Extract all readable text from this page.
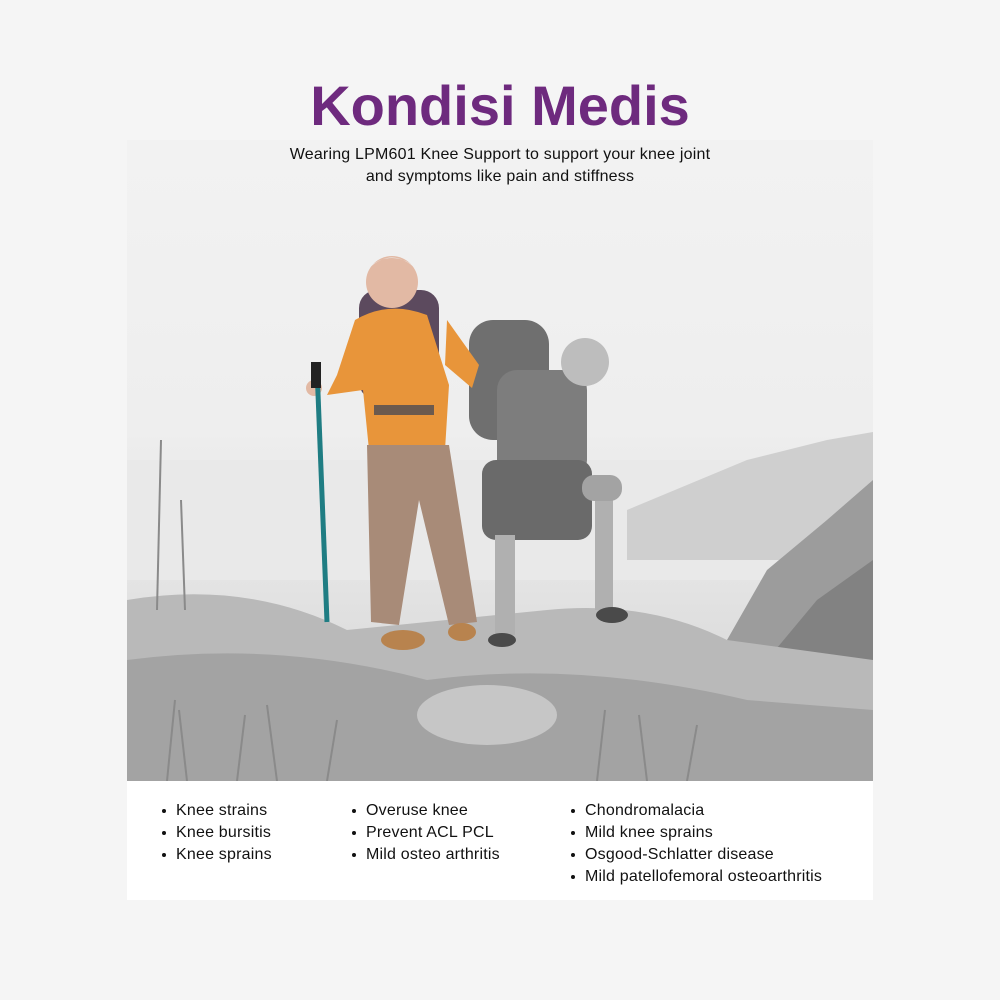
Kondisi Medis
Wearing LPM601 Knee Support to support your knee joint
and symptoms like pain and stiffness
Knee strains
Knee bursitis
Knee sprains
Overuse knee
Prevent ACL PCL
Mild osteo arthritis
Chondromalacia
Mild knee sprains
Osgood-Schlatter disease
Mild patellofemoral osteoarthritis
